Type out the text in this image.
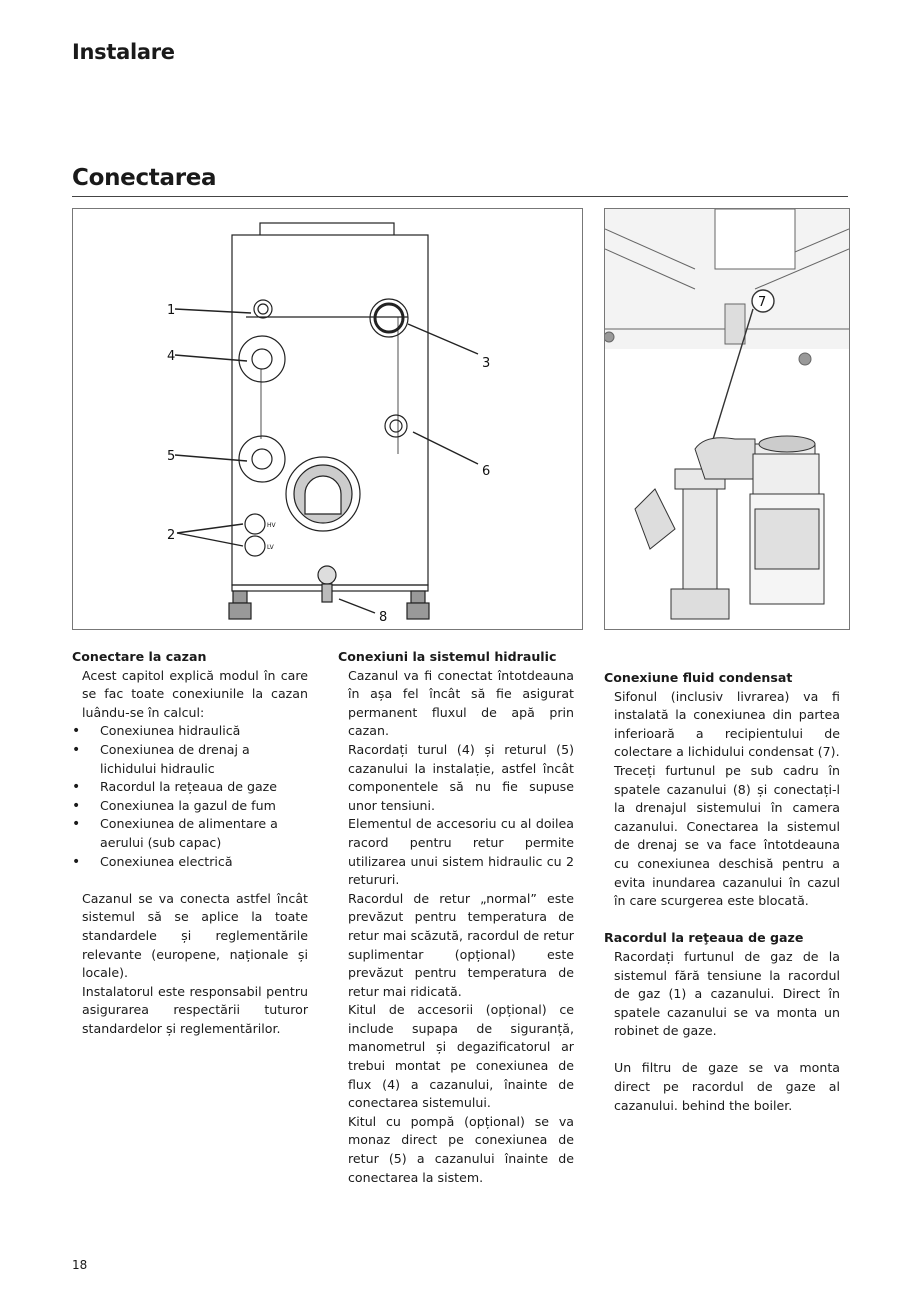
Instalare
Conectarea
1
4
5
2
3
6
8
HV
LV
7
Conectare la cazan

Acest capitol explică modul în care se fac toate conexiunile la cazan luându-se în calcul:

• Conexiunea hidraulică
• Conexiunea de drenaj a lichidului hidraulic
• Racordul la rețeaua de gaze
• Conexiunea la gazul de fum
• Conexiunea de alimentare a aerului (sub capac)
• Conexiunea electrică

Cazanul se va conecta astfel încât sistemul să se aplice la toate standardele și reglementările relevante (europene, naționale și locale).

Instalatorul este responsabil pentru asigurarea respectării tuturor standardelor și reglementărilor.

Conexiuni la sistemul hidraulic

Cazanul va fi conectat întotdeauna în așa fel încât să fie asigurat permanent fluxul de apă prin cazan.

Racordați turul (4) și returul (5) cazanului la instalație, astfel încât componentele să nu fie supuse unor tensiuni.

Elementul de accesoriu cu al doilea racord pentru retur permite utilizarea unui sistem hidraulic cu 2 retururi.

Racordul de retur „normal” este prevăzut pentru temperatura de retur mai scăzută, racordul de retur suplimentar (opțional) este prevăzut pentru temperatura de retur mai ridicată.

Kitul de accesorii (opțional) ce include supapa de siguranță, manometrul și degazificatorul ar trebui montat pe conexiunea de flux (4) a cazanului, înainte de conectarea sistemului.

Kitul cu pompă (opțional) se va monaz direct pe conexiunea de retur (5) a cazanului înainte de conectarea la sistem.

Conexiune fluid condensat

Sifonul (inclusiv livrarea) va fi instalată la conexiunea din partea inferioară a recipientului de colectare a lichidului condensat (7).

Treceți furtunul pe sub cadru în spatele cazanului (8) și conectați-l la drenajul sistemului în camera cazanului. Conectarea la sistemul de drenaj se va face întotdeauna cu conexiunea deschisă pentru a evita inundarea cazanului în cazul în care scurgerea este blocată.

Racordul la reţeaua de gaze

Racordați furtunul de gaz de la sistemul fără tensiune la racordul de gaz (1) a cazanului. Direct în spatele cazanului se va monta un robinet de gaze.

Un filtru de gaze se va monta direct pe racordul de gaze al cazanului. behind the boiler.

18
